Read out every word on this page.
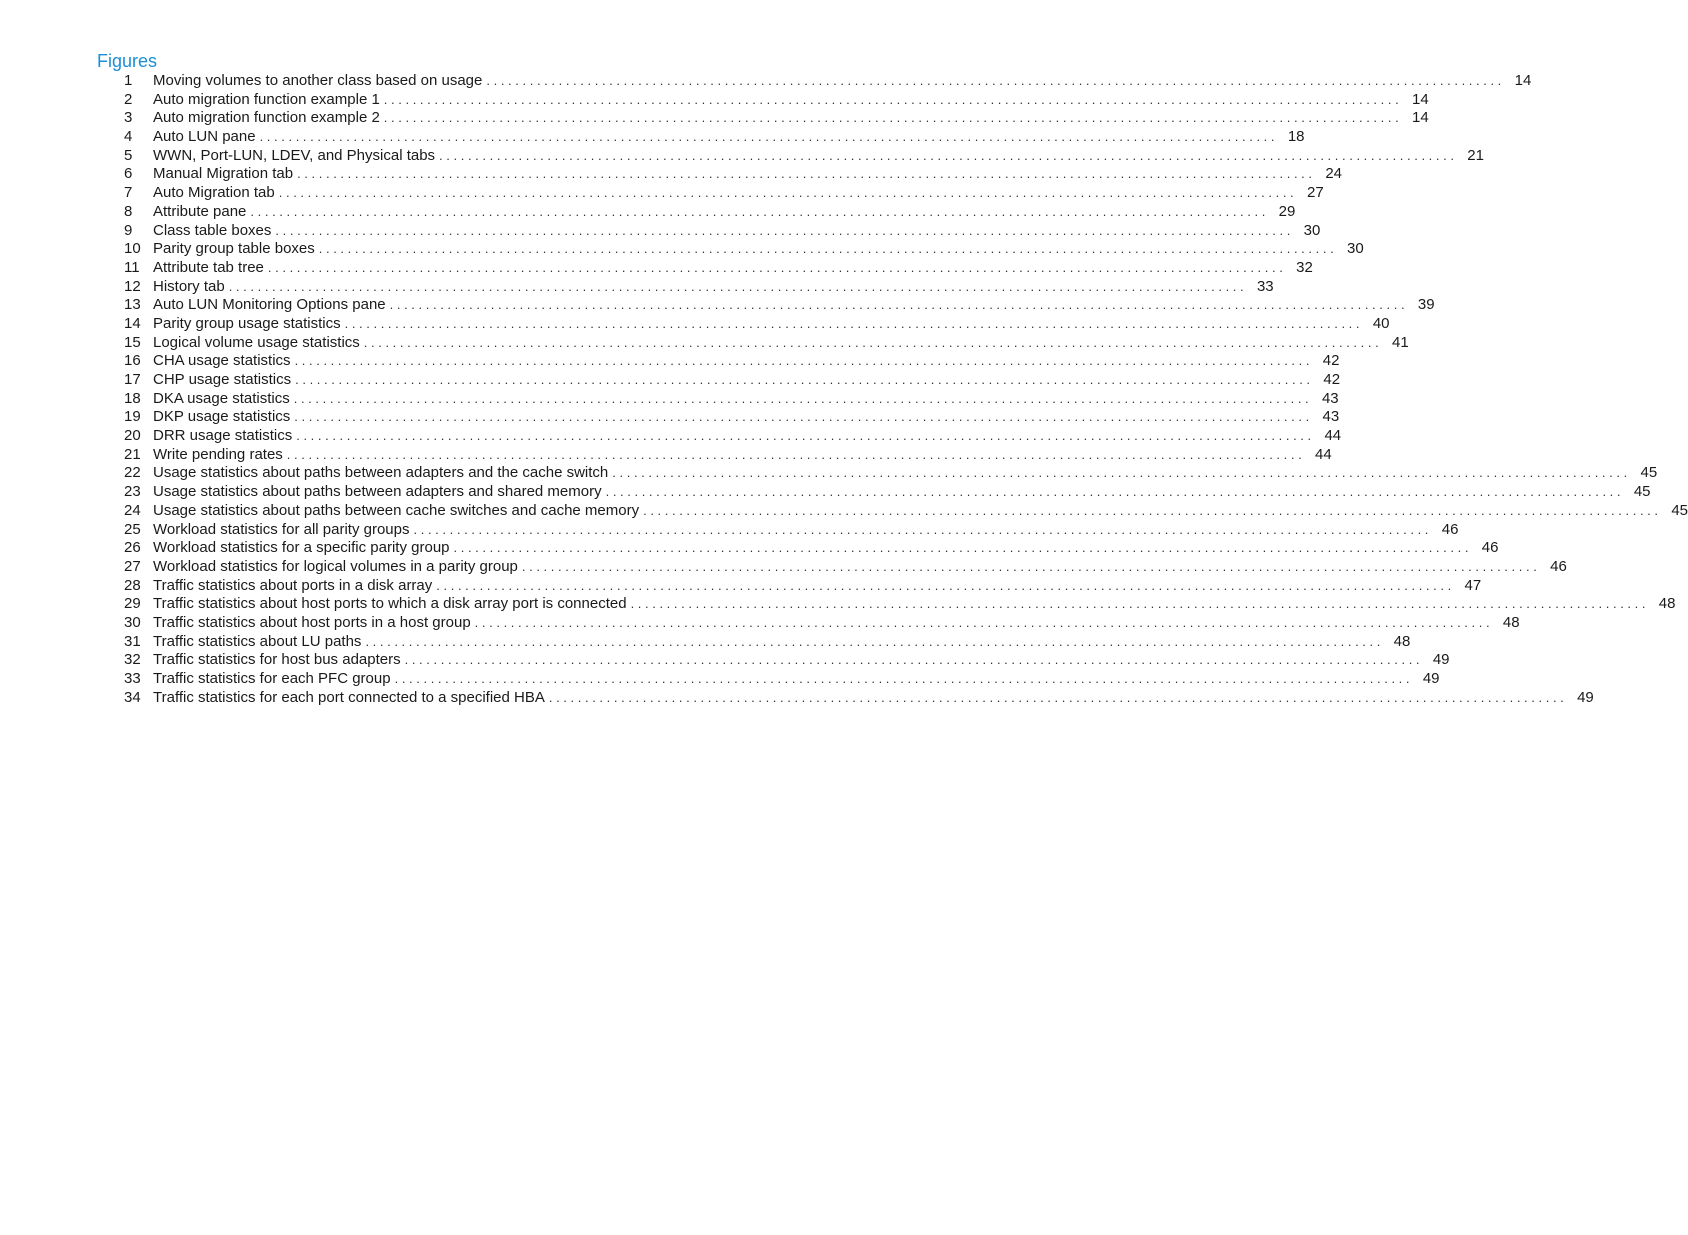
Figures
1	Moving volumes to another class based on usage . . .	14
2	Auto migration function example 1 . . .	14
3	Auto migration function example 2 . . .	14
4	Auto LUN pane . . .	18
5	WWN, Port-LUN, LDEV, and Physical tabs . . .	21
6	Manual Migration tab . . .	24
7	Auto Migration tab . . .	27
8	Attribute pane . . .	29
9	Class table boxes . . .	30
10 Parity group table boxes . . .	30
11 Attribute tab tree . . .	32
12 History tab . . .	33
13 Auto LUN Monitoring Options pane . . .	39
14 Parity group usage statistics . . .	40
15 Logical volume usage statistics . . .	41
16 CHA usage statistics . . .	42
17 CHP usage statistics . . .	42
18 DKA usage statistics . . .	43
19 DKP usage statistics . . .	43
20 DRR usage statistics . . .	44
21 Write pending rates . . .	44
22 Usage statistics about paths between adapters and the cache switch . . .	45
23 Usage statistics about paths between adapters and shared memory . . .	45
24 Usage statistics about paths between cache switches and cache memory . . .	45
25 Workload statistics for all parity groups . . .	46
26 Workload statistics for a specific parity group . . .	46
27 Workload statistics for logical volumes in a parity group . . .	46
28 Traffic statistics about ports in a disk array . . .	47
29 Traffic statistics about host ports to which a disk array port is connected . . .	48
30 Traffic statistics about host ports in a host group . . .	48
31 Traffic statistics about LU paths . . .	48
32 Traffic statistics for host bus adapters . . .	49
33 Traffic statistics for each PFC group . . .	49
34 Traffic statistics for each port connected to a specified HBA . . .	49
